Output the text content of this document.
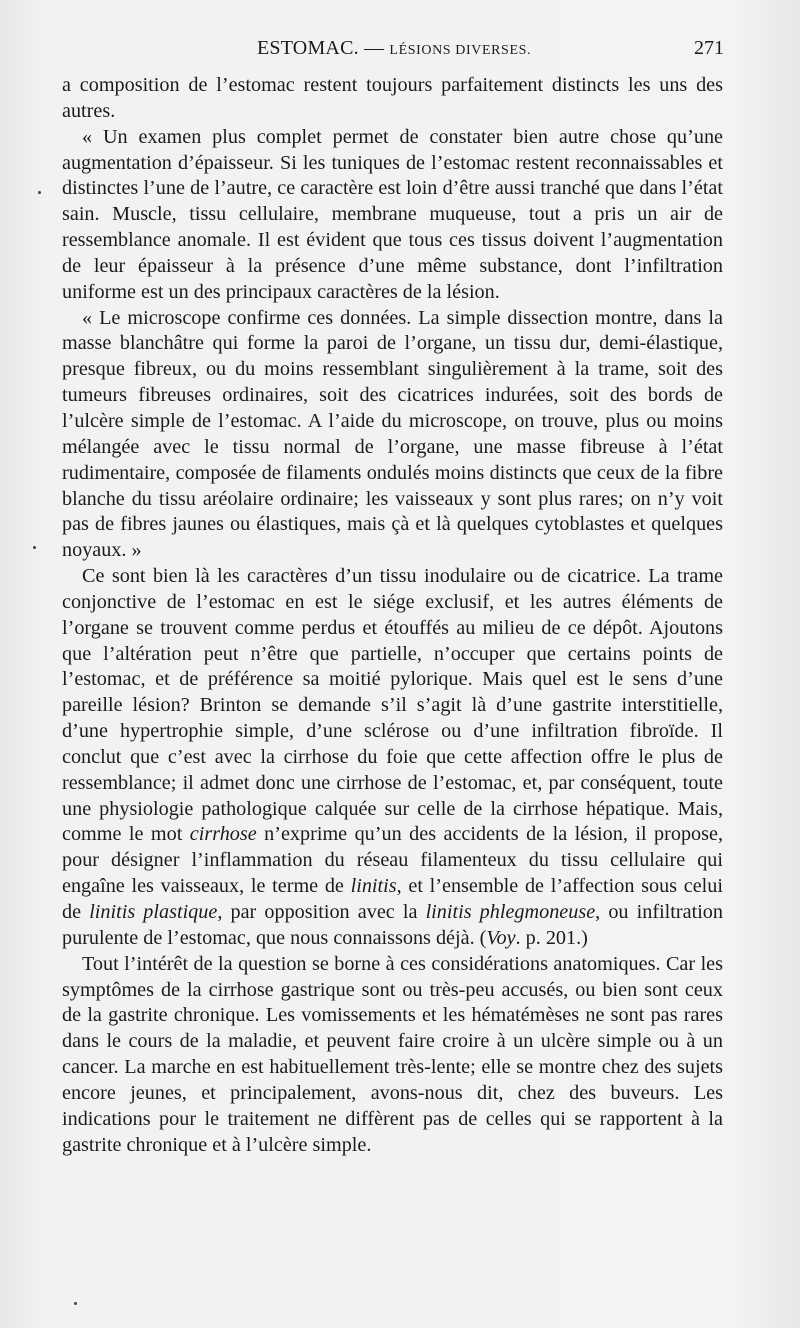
ESTOMAC. — LÉSIONS DIVERSES.	271

a composition de l’estomac restent toujours parfaitement distincts les uns des autres.

« Un examen plus complet permet de constater bien autre chose qu’une augmentation d’épaisseur. Si les tuniques de l’estomac restent reconnaissables et distinctes l’une de l’autre, ce caractère est loin d’être aussi tranché que dans l’état sain. Muscle, tissu cellulaire, membrane muqueuse, tout a pris un air de ressemblance anomale. Il est évident que tous ces tissus doivent l’augmentation de leur épaisseur à la présence d’une même substance, dont l’infiltration uniforme est un des principaux caractères de la lésion.

« Le microscope confirme ces données. La simple dissection montre, dans la masse blanchâtre qui forme la paroi de l’organe, un tissu dur, demi-élastique, presque fibreux, ou du moins ressemblant singulièrement à la trame, soit des tumeurs fibreuses ordinaires, soit des cicatrices indurées, soit des bords de l’ulcère simple de l’estomac. A l’aide du microscope, on trouve, plus ou moins mélangée avec le tissu normal de l’organe, une masse fibreuse à l’état rudimentaire, composée de filaments ondulés moins distincts que ceux de la fibre blanche du tissu aréolaire ordinaire; les vaisseaux y sont plus rares; on n’y voit pas de fibres jaunes ou élastiques, mais çà et là quelques cytoblastes et quelques noyaux. »

Ce sont bien là les caractères d’un tissu inodulaire ou de cicatrice. La trame conjonctive de l’estomac en est le siége exclusif, et les autres éléments de l’organe se trouvent comme perdus et étouffés au milieu de ce dépôt. Ajoutons que l’altération peut n’être que partielle, n’occuper que certains points de l’estomac, et de préférence sa moitié pylorique. Mais quel est le sens d’une pareille lésion? Brinton se demande s’il s’agit là d’une gastrite interstitielle, d’une hypertrophie simple, d’une sclérose ou d’une infiltration fibroïde. Il conclut que c’est avec la cirrhose du foie que cette affection offre le plus de ressemblance; il admet donc une cirrhose de l’estomac, et, par conséquent, toute une physiologie pathologique calquée sur celle de la cirrhose hépatique. Mais, comme le mot cirrhose n’exprime qu’un des accidents de la lésion, il propose, pour désigner l’inflammation du réseau filamenteux du tissu cellulaire qui engaîne les vaisseaux, le terme de linitis, et l’ensemble de l’affection sous celui de linitis plastique, par opposition avec la linitis phlegmoneuse, ou infiltration purulente de l’estomac, que nous connaissons déjà. (Voy. p. 201.)

Tout l’intérêt de la question se borne à ces considérations anatomiques. Car les symptômes de la cirrhose gastrique sont ou très-peu accusés, ou bien sont ceux de la gastrite chronique. Les vomissements et les hématémèses ne sont pas rares dans le cours de la maladie, et peuvent faire croire à un ulcère simple ou à un cancer. La marche en est habituellement très-lente; elle se montre chez des sujets encore jeunes, et principalement, avons-nous dit, chez des buveurs. Les indications pour le traitement ne diffèrent pas de celles qui se rapportent à la gastrite chronique et à l’ulcère simple.
